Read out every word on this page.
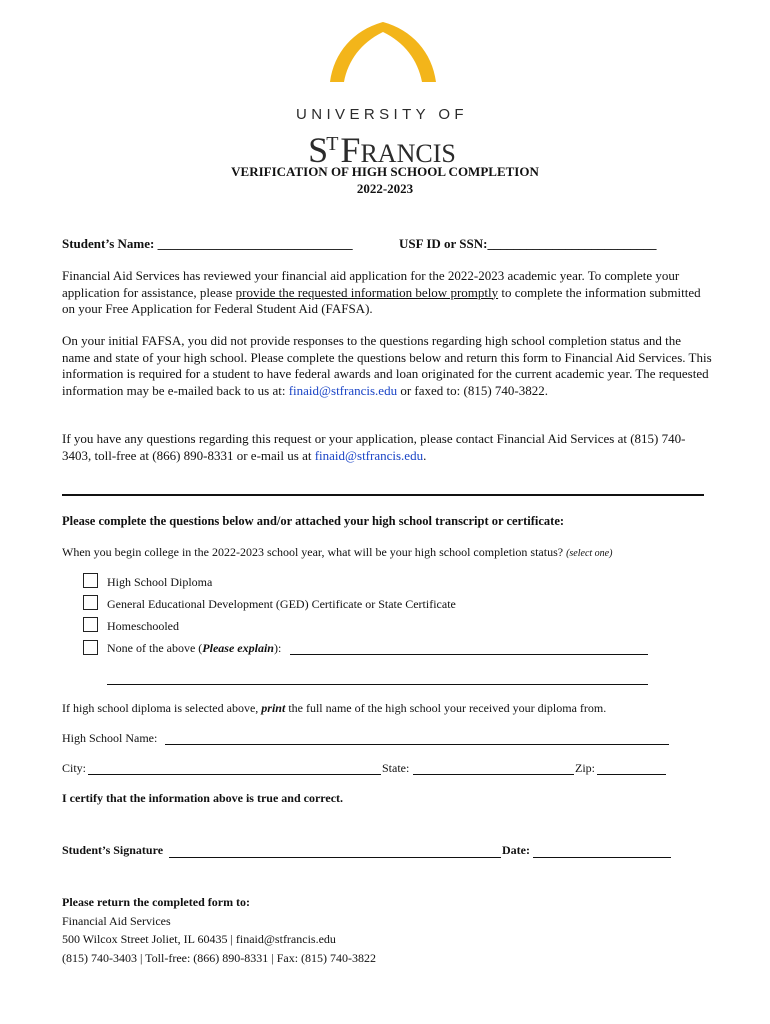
UNIVERSITY OF
$S^TFRANCIS$
VERIFICATION OF HIGH SCHOOL COMPLETION
2022-2023
Student’s Name: ______________________________	USF ID or SSN:__________________________
Financial Aid Services has reviewed your financial aid application for the 2022-2023 academic year. To complete your application for assistance, please provide the requested information below promptly to complete the information submitted on your Free Application for Federal Student Aid (FAFSA).
On your initial FAFSA, you did not provide responses to the questions regarding high school completion status and the name and state of your high school. Please complete the questions below and return this form to Financial Aid Services. This information is required for a student to have federal awards and loan originated for the current academic year. The requested information may be e-mailed back to us at: finaid@stfrancis.edu or faxed to: (815) 740-3822.
If you have any questions regarding this request or your application, please contact Financial Aid Services at (815) 740-3403, toll-free at (866) 890-8331 or e-mail us at finaid@stfrancis.edu.
Please complete the questions below and/or attached your high school transcript or certificate:
When you begin college in the 2022-2023 school year, what will be your high school completion status? (select one)
High School Diploma
General Educational Development (GED) Certificate or State Certificate
Homeschooled
None of the above (Please explain):
If high school diploma is selected above, print the full name of the high school your received your diploma from.
High School Name:
City:	State:	Zip:
I certify that the information above is true and correct.
Student’s Signature	Date:
Please return the completed form to:
Financial Aid Services
500 Wilcox Street Joliet, IL 60435 | finaid@stfrancis.edu
(815) 740-3403 | Toll-free: (866) 890-8331 | Fax: (815) 740-3822
